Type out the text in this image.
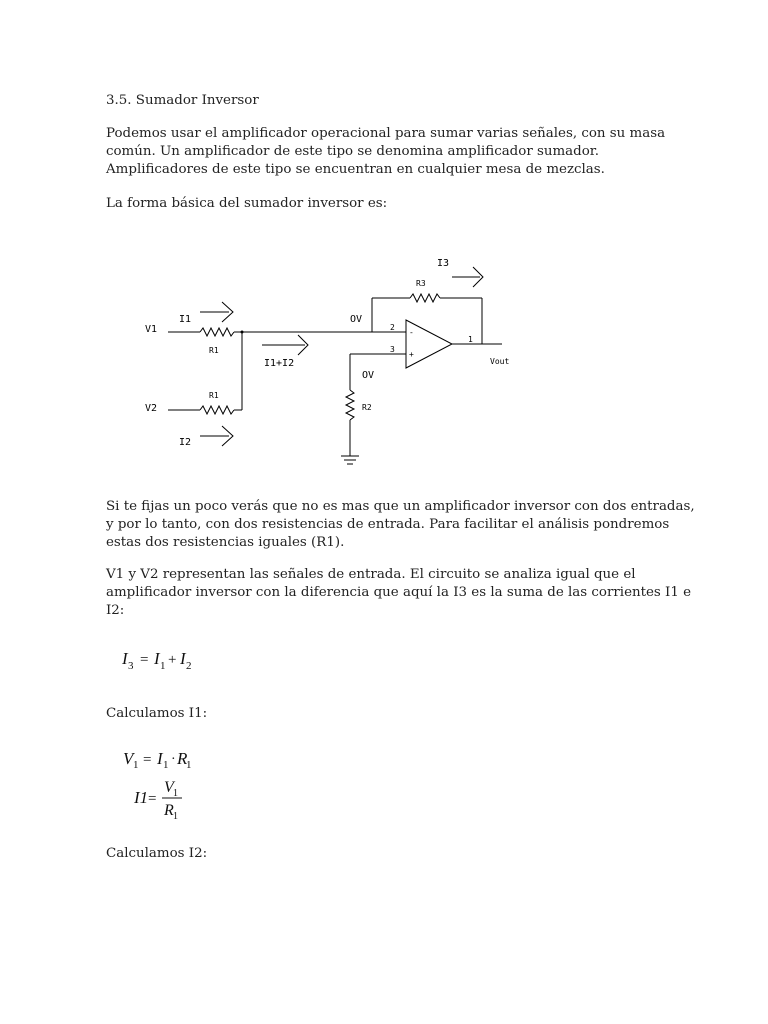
3.5. Sumador Inversor

Podemos usar el amplificador operacional para sumar varias señales, con su masa
común. Un amplificador de este tipo se denomina amplificador sumador.
Amplificadores de este tipo se encuentran en cualquier mesa de mezclas.

La forma básica del sumador inversor es:

V1
V2
I1
I2
I3
I1+I2
R1
R1
R2
R3
OV
OV
2
3
1
-
+
Vout

Si te fijas un poco verás que no es mas que un amplificador inversor con dos entradas,
y por lo tanto, con dos resistencias de entrada. Para facilitar el análisis pondremos
estas dos resistencias iguales (R1).

V1 y V2 representan las señales de entrada. El circuito se analiza igual que el
amplificador inversor con la diferencia que aquí la I3 es la suma de las corrientes I1 e
I2:

I 3 = I 1 + I 2
V 1 = I 1 · R
1
I1 =
V 1
R 1

Calculamos I1:

Calculamos I2:
